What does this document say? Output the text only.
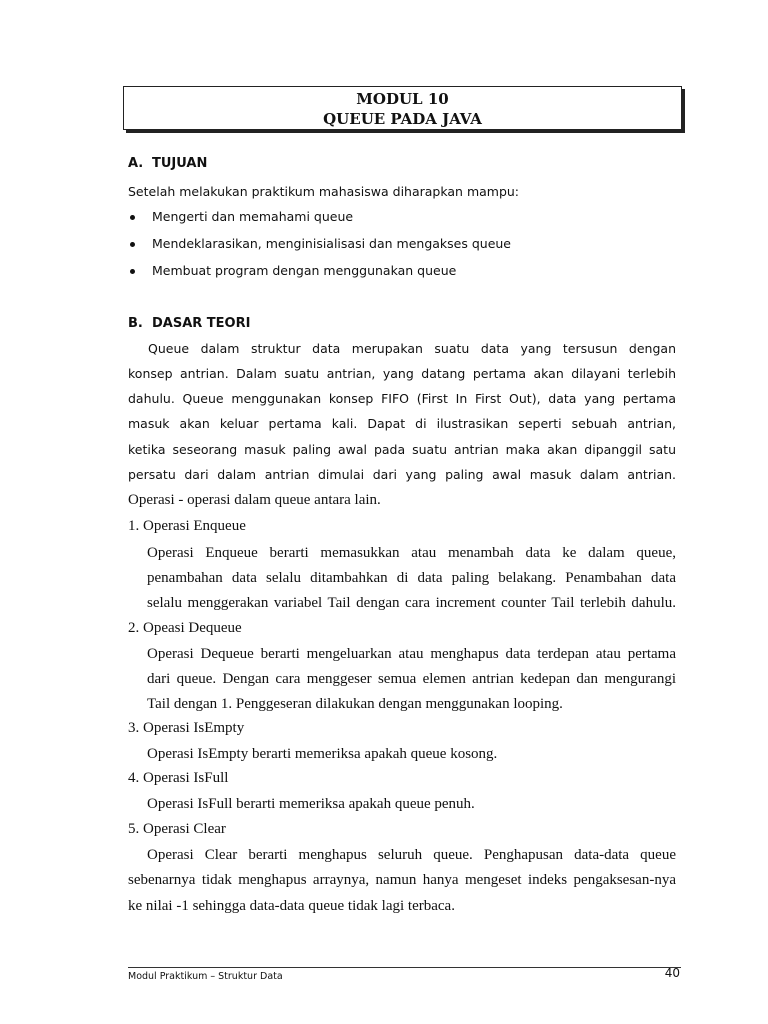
MODUL 10
QUEUE PADA JAVA
A. TUJUAN
Setelah melakukan praktikum mahasiswa diharapkan mampu:
Mengerti dan memahami queue
Mendeklarasikan, menginisialisasi dan mengakses queue
Membuat program dengan menggunakan queue
B. DASAR TEORI
Queue dalam struktur data merupakan suatu data yang tersusun dengan
konsep antrian. Dalam suatu antrian, yang datang pertama akan dilayani terlebih
dahulu. Queue menggunakan konsep FIFO (First In First Out), data yang pertama
masuk akan keluar pertama kali. Dapat di ilustrasikan seperti sebuah antrian,
ketika seseorang masuk paling awal pada suatu antrian maka akan dipanggil satu
persatu dari dalam antrian dimulai dari yang paling awal masuk dalam antrian.
Operasi - operasi dalam queue antara lain.
1. Operasi Enqueue
Operasi Enqueue berarti memasukkan atau menambah data ke dalam queue,
penambahan data selalu ditambahkan di data paling belakang. Penambahan data
selalu menggerakan variabel Tail dengan cara increment counter Tail terlebih dahulu.
2. Opeasi Dequeue
Operasi Dequeue berarti mengeluarkan atau menghapus data terdepan atau pertama
dari queue. Dengan cara menggeser semua elemen antrian kedepan dan mengurangi
Tail dengan 1. Penggeseran dilakukan dengan menggunakan looping.
3. Operasi IsEmpty
Operasi IsEmpty berarti memeriksa apakah queue kosong.
4. Operasi IsFull
Operasi IsFull berarti memeriksa apakah queue penuh.
5. Operasi Clear
Operasi Clear berarti menghapus seluruh queue. Penghapusan data-data queue
sebenarnya tidak menghapus arraynya, namun hanya mengeset indeks pengaksesan-nya
ke nilai -1 sehingga data-data queue tidak lagi terbaca.
Modul Praktikum – Struktur Data	40
